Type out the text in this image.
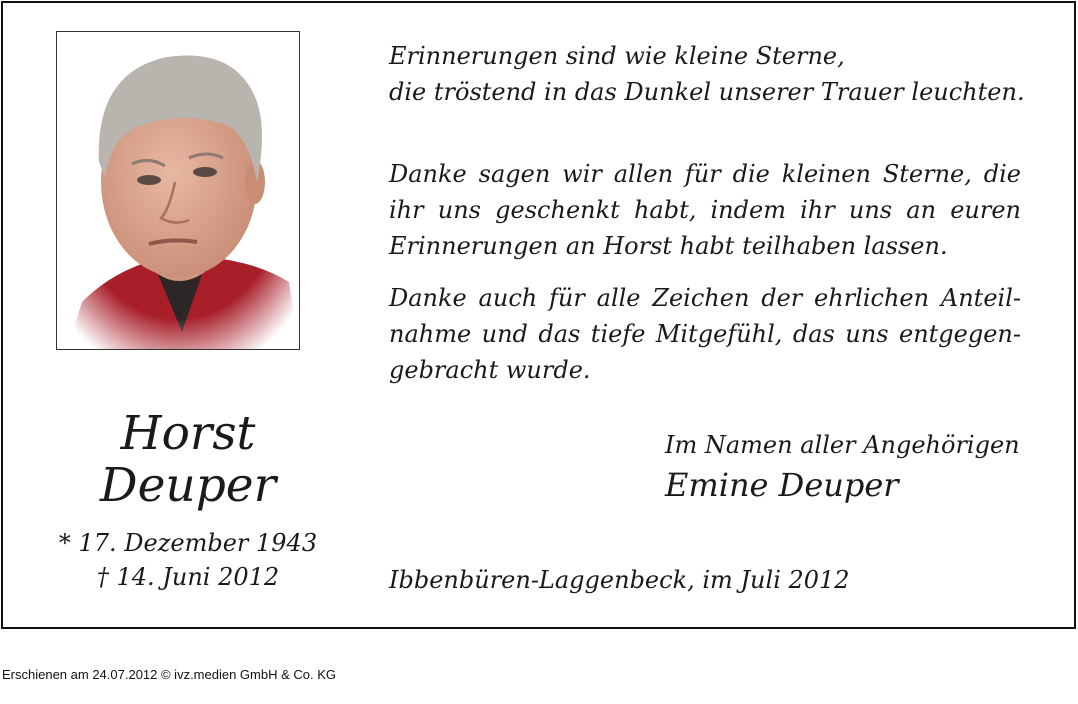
Horst
Deuper
* 17. Dezember 1943
† 14. Juni 2012
Erinnerungen sind wie kleine Sterne,
die tröstend in das Dunkel unserer Trauer leuchten.
Danke sagen wir allen für die kleinen Sterne, die
ihr uns geschenkt habt, indem ihr uns an euren
Erinnerungen an Horst habt teilhaben lassen.
Danke auch für alle Zeichen der ehrlichen Anteil-
nahme und das tiefe Mitgefühl, das uns entgegen-
gebracht wurde.
Im Namen aller Angehörigen
Emine Deuper
Ibbenbüren-Laggenbeck, im Juli 2012
Erschienen am 24.07.2012 © ivz.medien GmbH & Co. KG
